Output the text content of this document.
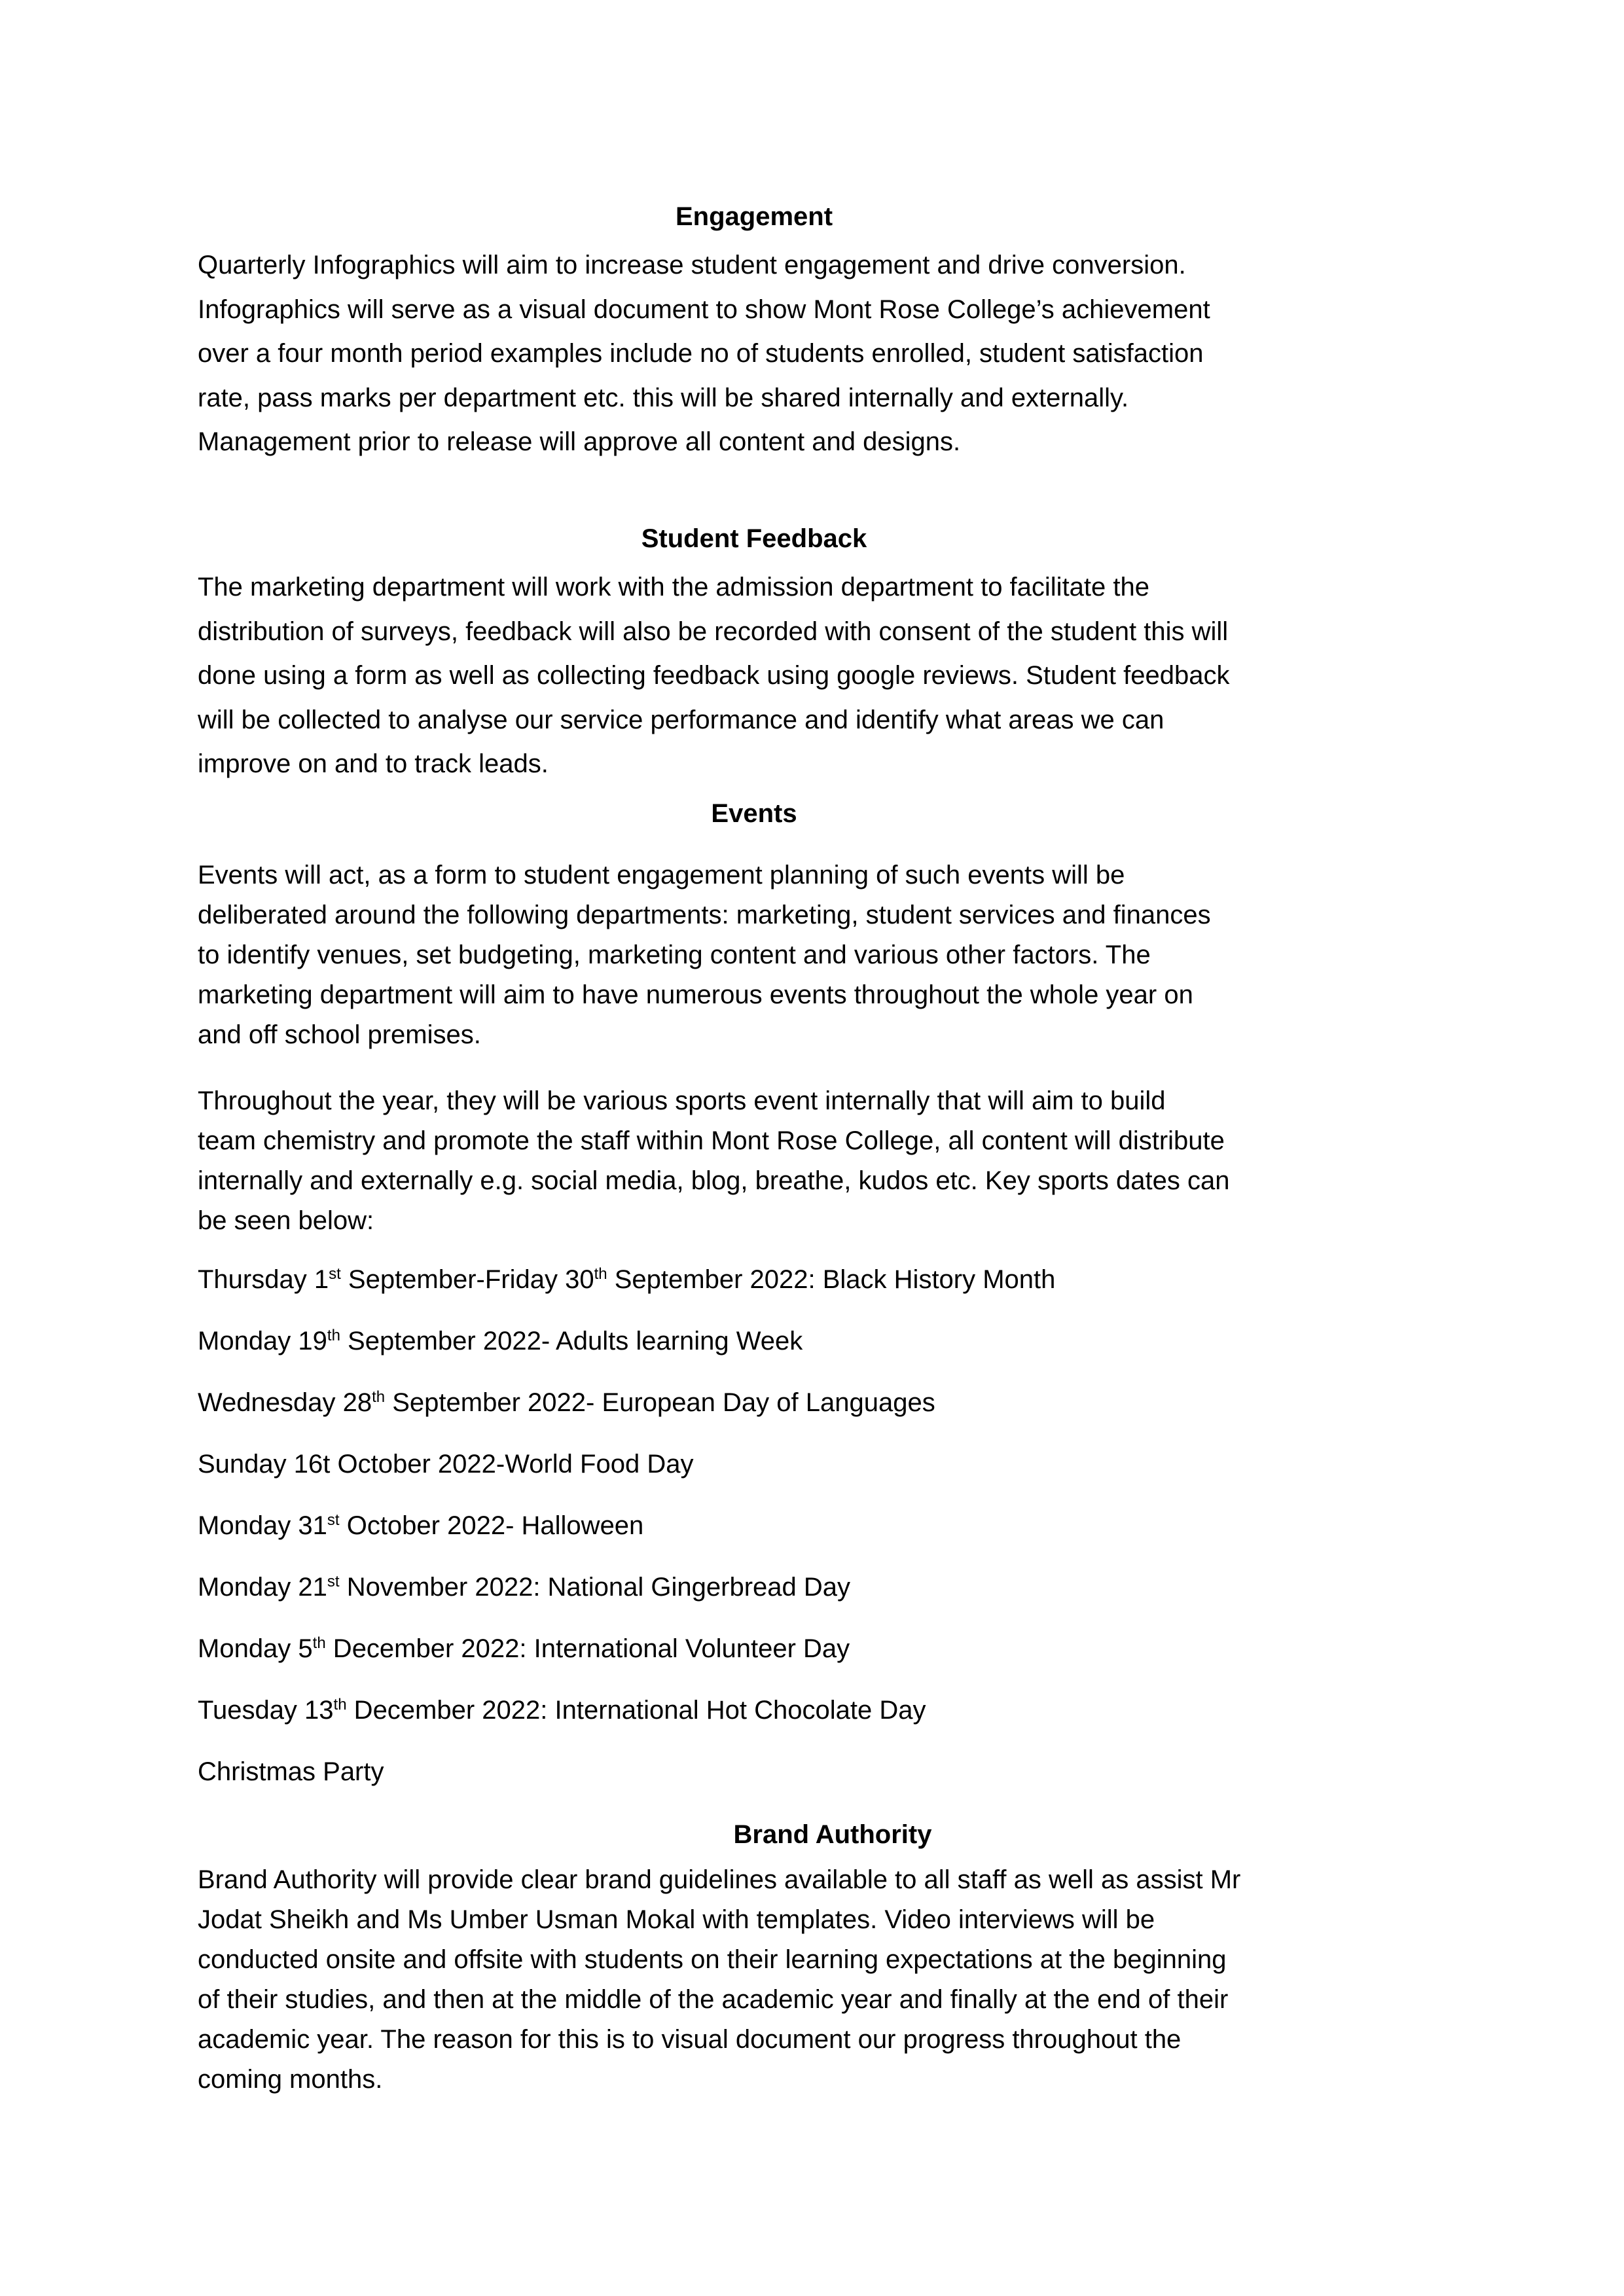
Engagement

Quarterly Infographics will aim to increase student engagement and drive conversion.
Infographics will serve as a visual document to show Mont Rose College’s achievement
over a four month period examples include no of students enrolled, student satisfaction
rate, pass marks per department etc. this will be shared internally and externally.
Management prior to release will approve all content and designs.

Student Feedback

The marketing department will work with the admission department to facilitate the
distribution of surveys, feedback will also be recorded with consent of the student this will
done using a form as well as collecting feedback using google reviews. Student feedback
will be collected to analyse our service performance and identify what areas we can
improve on and to track leads.

Events

Events will act, as a form to student engagement planning of such events will be
deliberated around the following departments: marketing, student services and finances
to identify venues, set budgeting, marketing content and various other factors. The
marketing department will aim to have numerous events throughout the whole year on
and off school premises.

Throughout the year, they will be various sports event internally that will aim to build
team chemistry and promote the staff within Mont Rose College, all content will distribute
internally and externally e.g. social media, blog, breathe, kudos etc. Key sports dates can
be seen below:

Thursday 1st September-Friday 30th September 2022: Black History Month
Monday 19th September 2022- Adults learning Week
Wednesday 28th September 2022- European Day of Languages
Sunday 16t October 2022-World Food Day
Monday 31st October 2022- Halloween
Monday 21st November 2022: National Gingerbread Day
Monday 5th December 2022: International Volunteer Day
Tuesday 13th December 2022: International Hot Chocolate Day
Christmas Party
Brand Authority

Brand Authority will provide clear brand guidelines available to all staff as well as assist Mr
Jodat Sheikh and Ms Umber Usman Mokal with templates. Video interviews will be
conducted onsite and offsite with students on their learning expectations at the beginning
of their studies, and then at the middle of the academic year and finally at the end of their
academic year. The reason for this is to visual document our progress throughout the
coming months.
